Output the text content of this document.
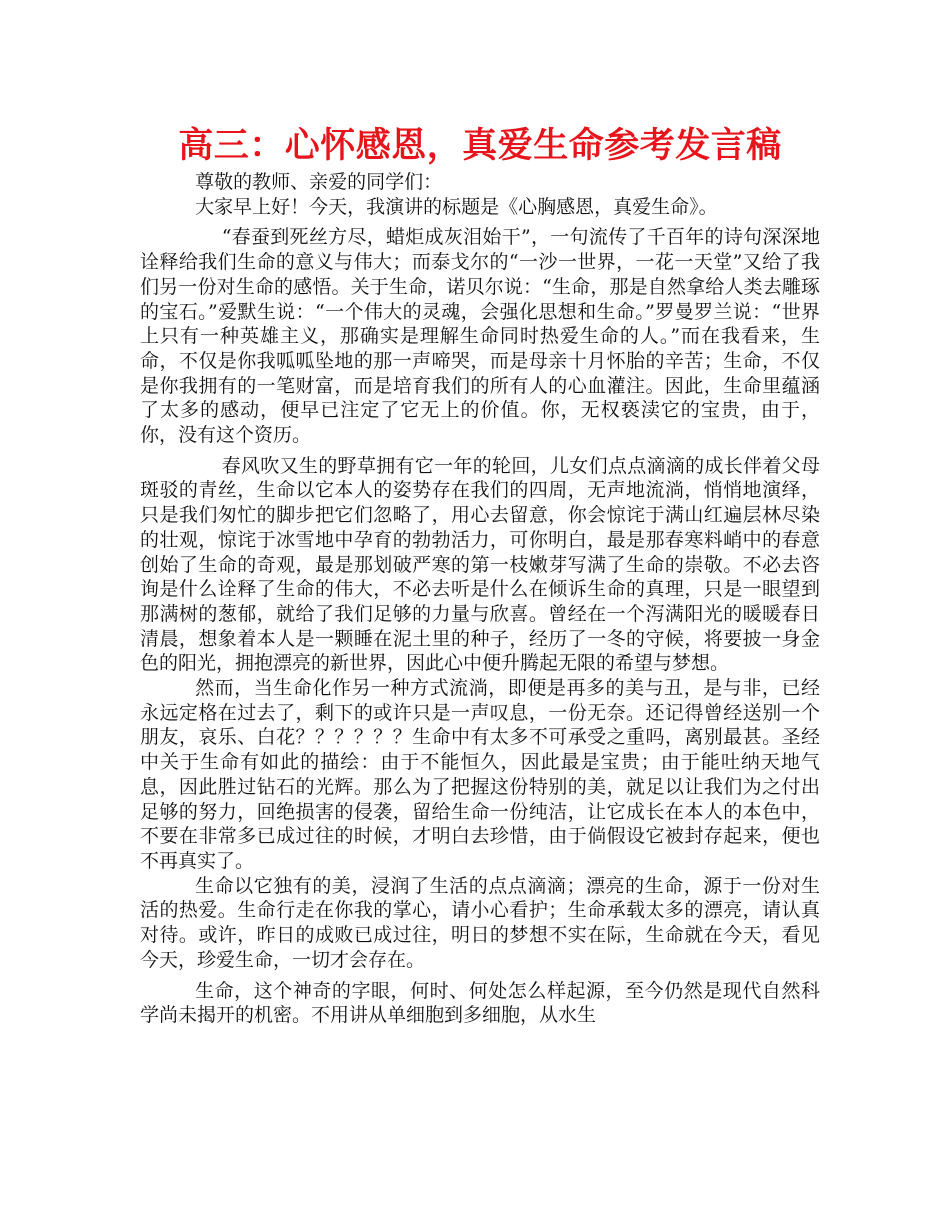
高三：心怀感恩，真爱生命参考发言稿

尊敬的教师、亲爱的同学们：

大家早上好！今天，我演讲的标题是《心胸感恩，真爱生命》。

“春蚕到死丝方尽，蜡炬成灰泪始干”，一句流传了千百年的诗句深深地诠释给我们生命的意义与伟大；而泰戈尔的“一沙一世界，一花一天堂”又给了我们另一份对生命的感悟。关于生命，诺贝尔说：“生命，那是自然拿给人类去雕琢的宝石。”爱默生说：“一个伟大的灵魂，会强化思想和生命。”罗曼罗兰说：“世界上只有一种英雄主义，那确实是理解生命同时热爱生命的人。”而在我看来，生命，不仅是你我呱呱坠地的那一声啼哭，而是母亲十月怀胎的辛苦；生命，不仅是你我拥有的一笔财富，而是培育我们的所有人的心血灌注。因此，生命里蕴涵了太多的感动，便早已注定了它无上的价值。你，无权亵渎它的宝贵，由于，你，没有这个资历。

春风吹又生的野草拥有它一年的轮回，儿女们点点滴滴的成长伴着父母斑驳的青丝，生命以它本人的姿势存在我们的四周，无声地流淌，悄悄地演绎，只是我们匆忙的脚步把它们忽略了，用心去留意，你会惊诧于满山红遍层林尽染的壮观，惊诧于冰雪地中孕育的勃勃活力，可你明白，最是那春寒料峭中的春意创始了生命的奇观，最是那划破严寒的第一枝嫩芽写满了生命的崇敬。不必去咨询是什么诠释了生命的伟大，不必去听是什么在倾诉生命的真理，只是一眼望到那满树的葱郁，就给了我们足够的力量与欣喜。曾经在一个泻满阳光的暖暖春日清晨，想象着本人是一颗睡在泥土里的种子，经历了一冬的守候，将要披一身金色的阳光，拥抱漂亮的新世界，因此心中便升腾起无限的希望与梦想。

然而，当生命化作另一种方式流淌，即便是再多的美与丑，是与非，已经永远定格在过去了，剩下的或许只是一声叹息，一份无奈。还记得曾经送别一个朋友，哀乐、白花？？？？？？生命中有太多不可承受之重吗，离别最甚。圣经中关于生命有如此的描绘：由于不能恒久，因此最是宝贵；由于能吐纳天地气息，因此胜过钻石的光辉。那么为了把握这份特别的美，就足以让我们为之付出足够的努力，回绝损害的侵袭，留给生命一份纯洁，让它成长在本人的本色中，不要在非常多已成过往的时候，才明白去珍惜，由于倘假设它被封存起来，便也不再真实了。

生命以它独有的美，浸润了生活的点点滴滴；漂亮的生命，源于一份对生活的热爱。生命行走在你我的掌心，请小心看护；生命承载太多的漂亮，请认真对待。或许，昨日的成败已成过往，明日的梦想不实在际，生命就在今天，看见今天，珍爱生命，一切才会存在。

生命，这个神奇的字眼，何时、何处怎么样起源，至今仍然是现代自然科学尚未揭开的机密。不用讲从单细胞到多细胞，从水生
